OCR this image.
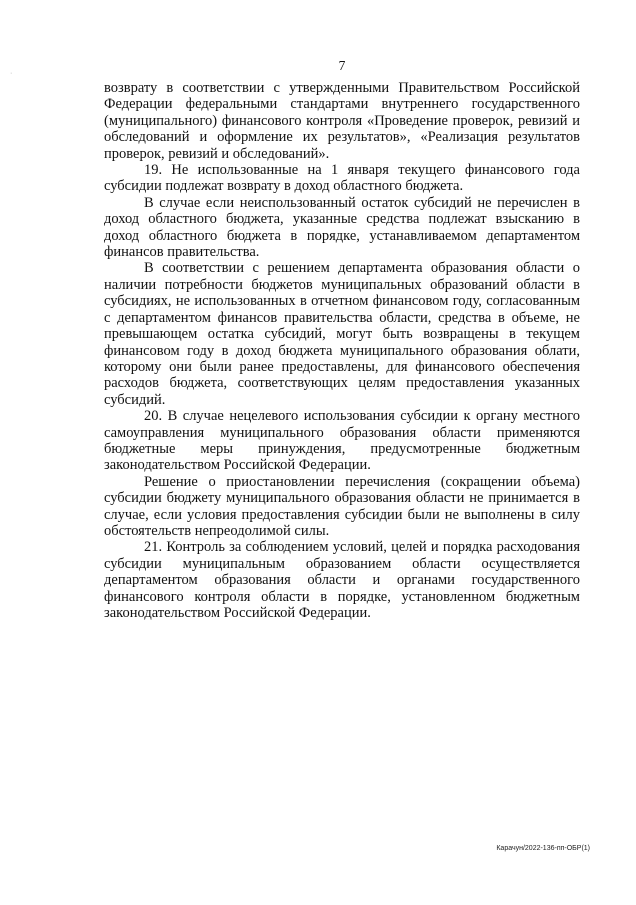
·
7

возврату в соответствии с утвержденными Правительством Российской Федерации федеральными стандартами внутреннего государственного (муниципального) финансового контроля «Проведение проверок, ревизий и обследований и оформление их результатов», «Реализация результатов проверок, ревизий и обследований».

19. Не использованные на 1 января текущего финансового года субсидии подлежат возврату в доход областного бюджета.

В случае если неиспользованный остаток субсидий не перечислен в доход областного бюджета, указанные средства подлежат взысканию в доход областного бюджета в порядке, устанавливаемом департаментом финансов правительства.

В соответствии с решением департамента образования области о наличии потребности бюджетов муниципальных образований области в субсидиях, не использованных в отчетном финансовом году, согласованным с департаментом финансов правительства области, средства в объеме, не превышающем остатка субсидий, могут быть возвращены в текущем финансовом году в доход бюджета муниципального образования облати, которому они были ранее предоставлены, для финансового обеспечения расходов бюджета, соответствующих целям предоставления указанных субсидий.

20. В случае нецелевого использования субсидии к органу местного самоуправления муниципального образования области применяются бюджетные меры принуждения, предусмотренные бюджетным законодательством Российской Федерации.

Решение о приостановлении перечисления (сокращении объема) субсидии бюджету муниципального образования области не принимается в случае, если условия предоставления субсидии были не выполнены в силу обстоятельств непреодолимой силы.

21. Контроль за соблюдением условий, целей и порядка расходования субсидии муниципальным образованием области осуществляется департаментом образования области и органами государственного финансового контроля области в порядке, установленном бюджетным законодательством Российской Федерации.

Карачун/2022-136-пп-ОБР(1)
